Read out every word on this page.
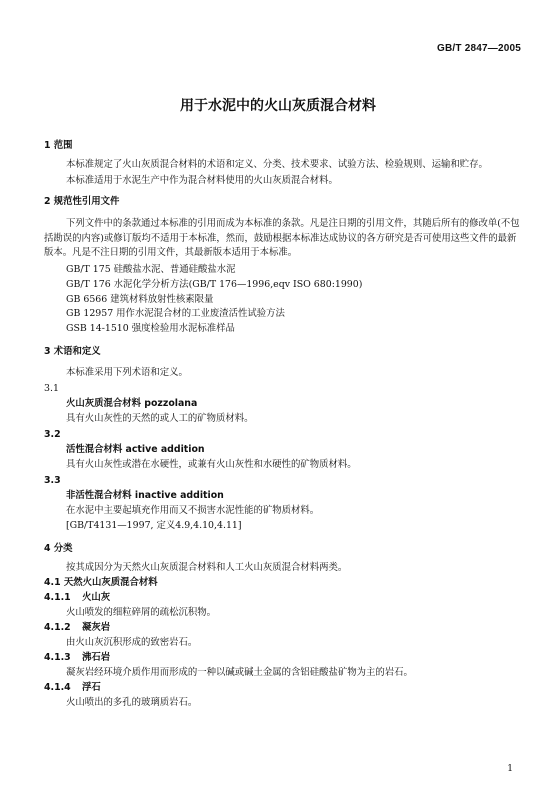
GB/T 2847—2005
用于水泥中的火山灰质混合材料
1 范围
本标准规定了火山灰质混合材料的术语和定义、分类、技术要求、试验方法、检验规则、运输和贮存。
本标准适用于水泥生产中作为混合材料使用的火山灰质混合材料。
2 规范性引用文件
下列文件中的条款通过本标准的引用而成为本标准的条款。凡是注日期的引用文件，其随后所有的修改单(不包括勘误的内容)或修订版均不适用于本标准，然而，鼓励根据本标准达成协议的各方研究是否可使用这些文件的最新版本。凡是不注日期的引用文件，其最新版本适用于本标准。
GB/T 175 硅酸盐水泥、普通硅酸盐水泥
GB/T 176 水泥化学分析方法(GB/T 176—1996,eqv ISO 680:1990)
GB 6566 建筑材料放射性核素限量
GB 12957 用作水泥混合材的工业废渣活性试验方法
GSB 14-1510 强度检验用水泥标准样品
3 术语和定义
本标准采用下列术语和定义。
3.1
火山灰质混合材料 pozzolana
具有火山灰性的天然的或人工的矿物质材料。
3.2
活性混合材料 active addition
具有火山灰性或潜在水硬性，或兼有火山灰性和水硬性的矿物质材料。
3.3
非活性混合材料 inactive addition
在水泥中主要起填充作用而又不损害水泥性能的矿物质材料。
[GB/T4131—1997, 定义4.9,4.10,4.11]
4 分类
按其成因分为天然火山灰质混合材料和人工火山灰质混合材料两类。
4.1 天然火山灰质混合材料
4.1.1 火山灰
火山喷发的细粒碎屑的疏松沉积物。
4.1.2 凝灰岩
由火山灰沉积形成的致密岩石。
4.1.3 沸石岩
凝灰岩经环境介质作用而形成的一种以碱或碱土金属的含铝硅酸盐矿物为主的岩石。
4.1.4 浮石
火山喷出的多孔的玻璃质岩石。
1
